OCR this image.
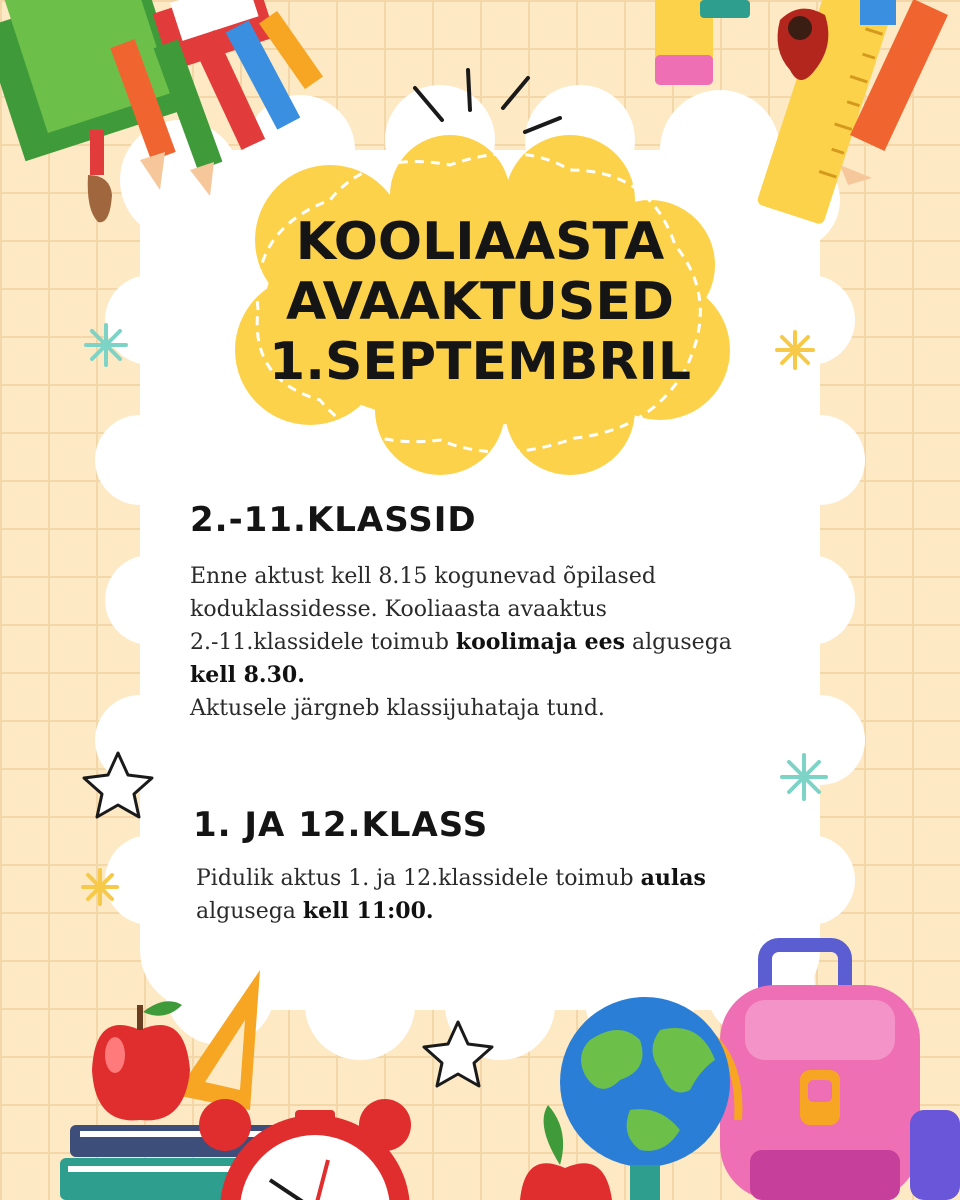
KOOLIAASTA
AVAAKTUSED
1.SEPTEMBRIL
2.-11.KLASSID
Enne aktust kell 8.15 kogunevad õpilased
koduklassidesse. Kooliaasta avaaktus
2.-11.klassidele toimub koolimaja ees algusega
kell 8.30.
Aktusele järgneb klassijuhataja tund.
1. JA 12.KLASS
Pidulik aktus 1. ja 12.klassidele toimub aulas
algusega kell 11:00.
